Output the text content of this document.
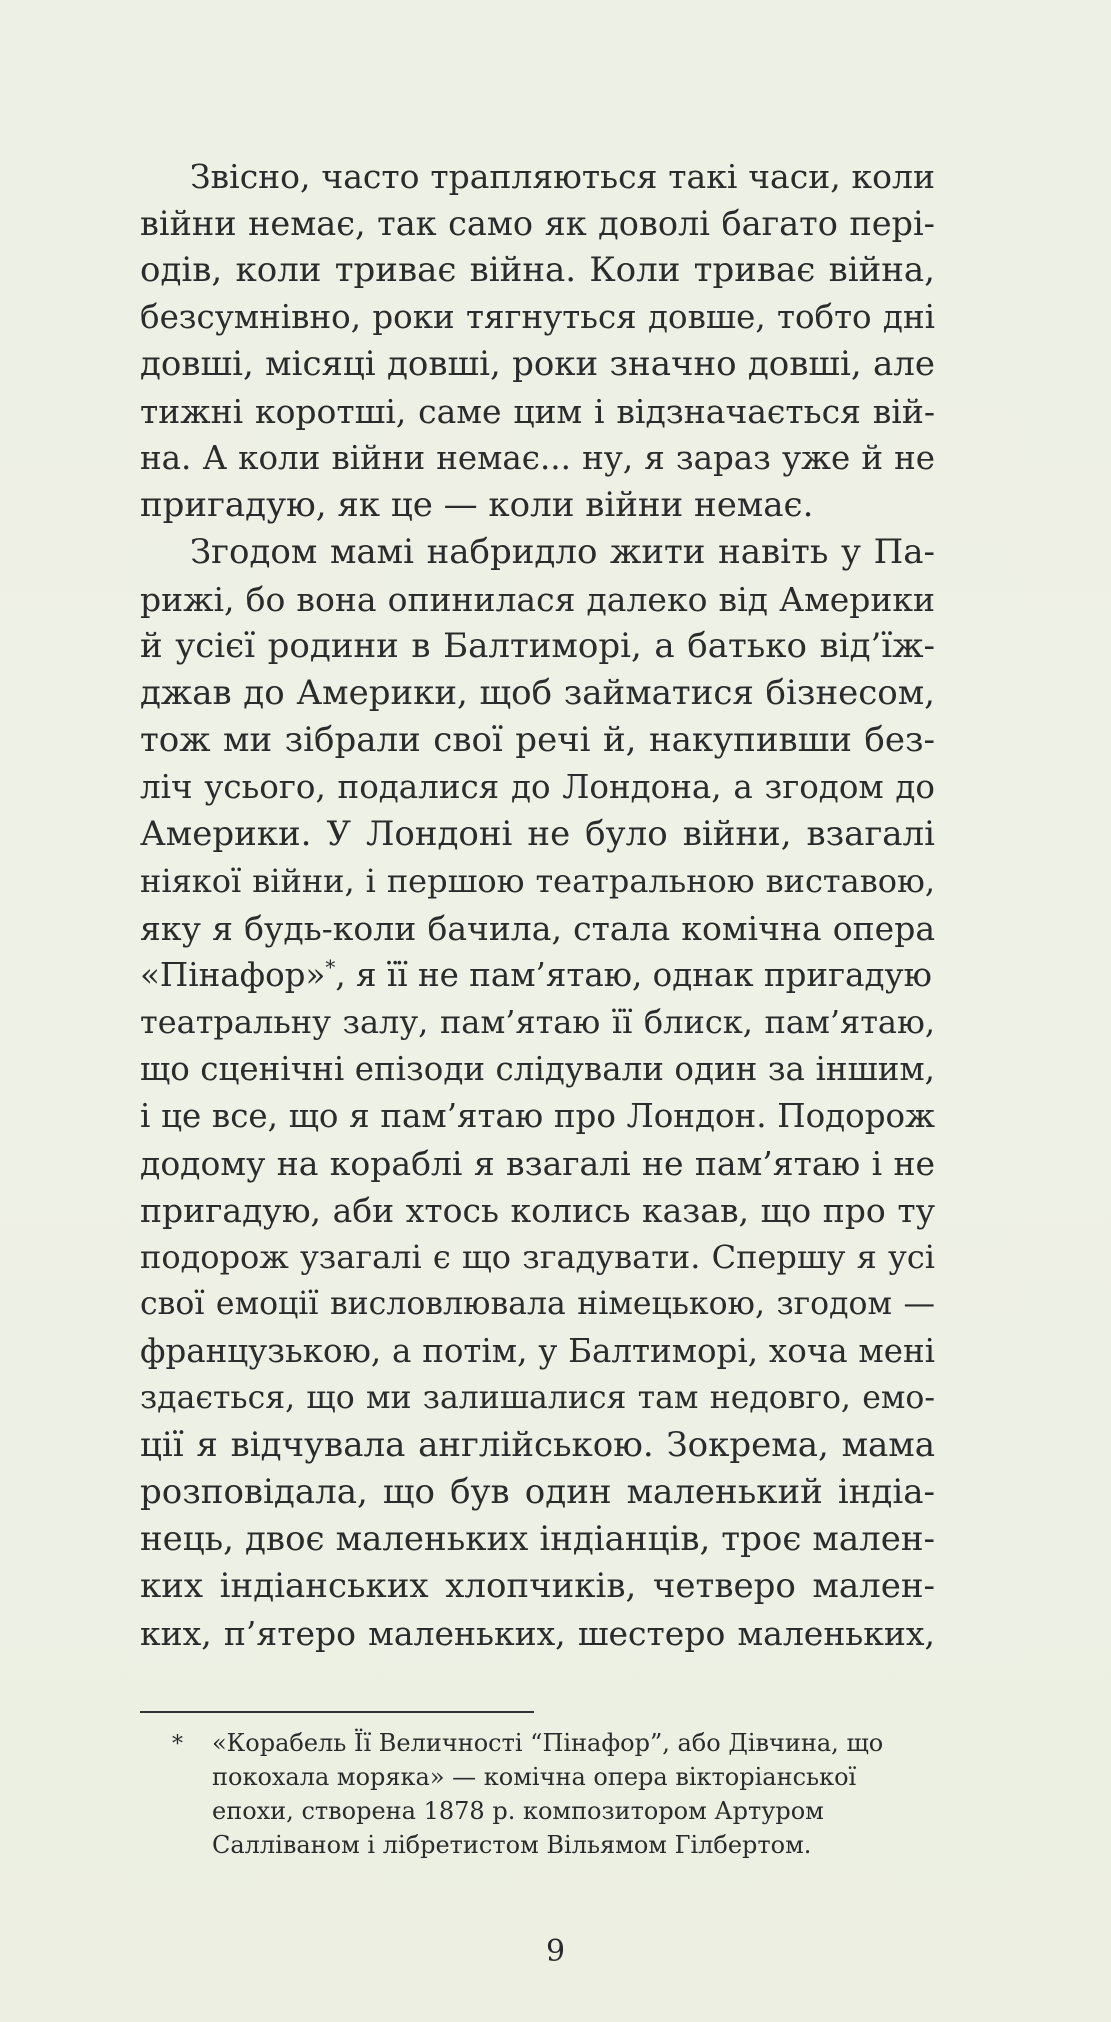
Звісно, часто трапляються такі часи, коли
війни немає, так само як доволі багато пері-
одів, коли триває війна. Коли триває війна,
безсумнівно, роки тягнуться довше, тобто дні
довші, місяці довші, роки значно довші, але
тижні коротші, саме цим і відзначається вій-
на. А коли війни немає... ну, я зараз уже й не
пригадую, як це — коли війни немає.
Згодом мамі набридло жити навіть у Па-
рижі, бо вона опинилася далеко від Америки
й усієї родини в Балтиморі, а батько від’їж-
джав до Америки, щоб займатися бізнесом,
тож ми зібрали свої речі й, накупивши без-
ліч усього, подалися до Лондона, а згодом до
Америки. У Лондоні не було війни, взагалі
ніякої війни, і першою театральною виставою,
яку я будь-коли бачила, стала комічна опера
«Пінафор»*, я її не пам’ятаю, однак пригадую
театральну залу, пам’ятаю її блиск, пам’ятаю,
що сценічні епізоди слідували один за іншим,
і це все, що я пам’ятаю про Лондон. Подорож
додому на кораблі я взагалі не пам’ятаю і не
пригадую, аби хтось колись казав, що про ту
подорож узагалі є що згадувати. Спершу я усі
свої емоції висловлювала німецькою, згодом —
французькою, а потім, у Балтиморі, хоча мені
здається, що ми залишалися там недовго, емо-
ції я відчувала англійською. Зокрема, мама
розповідала, що був один маленький індіа-
нець, двоє маленьких індіанців, троє мален-
ких індіанських хлопчиків, четверо мален-
ких, п’ятеро маленьких, шестеро маленьких,
*	«Корабель Її Величності “Пінафор”, або Дівчина, що
покохала моряка» — комічна опера вікторіанської
епохи, створена 1878 р. композитором Артуром
Салліваном і лібретистом Вільямом Гілбертом.
9
